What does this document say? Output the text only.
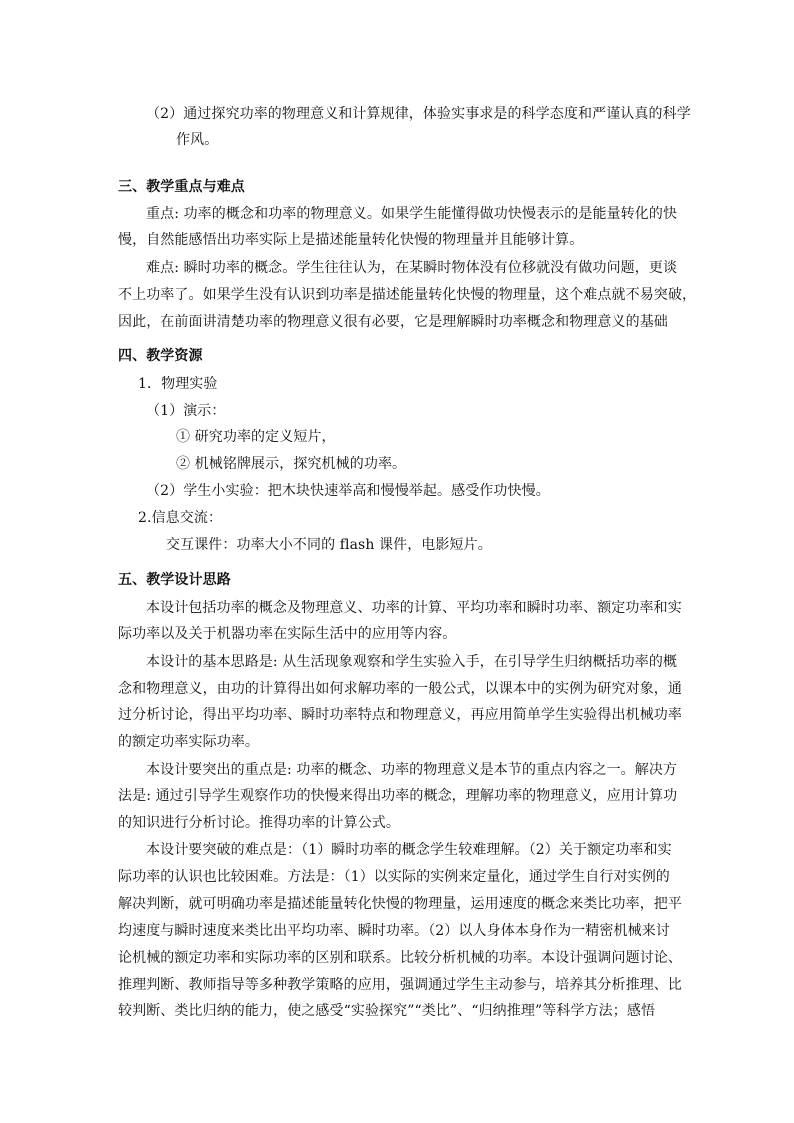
（2）通过探究功率的物理意义和计算规律，体验实事求是的科学态度和严谨认真的科学
作风。
三、教学重点与难点
重点: 功率的概念和功率的物理意义。如果学生能懂得做功快慢表示的是能量转化的快
慢，自然能感悟出功率实际上是描述能量转化快慢的物理量并且能够计算。
难点: 瞬时功率的概念。学生往往认为，在某瞬时物体没有位移就没有做功问题，更谈
不上功率了。如果学生没有认识到功率是描述能量转化快慢的物理量，这个难点就不易突破，
因此，在前面讲清楚功率的物理意义很有必要，它是理解瞬时功率概念和物理意义的基础
四、教学资源
1．物理实验
（1）演示：
① 研究功率的定义短片，
② 机械铭牌展示，探究机械的功率。
（2）学生小实验：把木块快速举高和慢慢举起。感受作功快慢。
2.信息交流：
交互课件：功率大小不同的 flash 课件，电影短片。
五、教学设计思路
本设计包括功率的概念及物理意义、功率的计算、平均功率和瞬时功率、额定功率和实
际功率以及关于机器功率在实际生活中的应用等内容。
本设计的基本思路是: 从生活现象观察和学生实验入手，在引导学生归纳概括功率的概
念和物理意义，由功的计算得出如何求解功率的一般公式，以课本中的实例为研究对象，通
过分析讨论，得出平均功率、瞬时功率特点和物理意义，再应用简单学生实验得出机械功率
的额定功率实际功率。
本设计要突出的重点是: 功率的概念、功率的物理意义是本节的重点内容之一。解决方
法是: 通过引导学生观察作功的快慢来得出功率的概念，理解功率的物理意义，应用计算功
的知识进行分析讨论。推得功率的计算公式。
本设计要突破的难点是：（1）瞬时功率的概念学生较难理解。（2）关于额定功率和实
际功率的认识也比较困难。方法是：（1）以实际的实例来定量化，通过学生自行对实例的
解决判断，就可明确功率是描述能量转化快慢的物理量，运用速度的概念来类比功率，把平
均速度与瞬时速度来类比出平均功率、瞬时功率。（2）以人身体本身作为一精密机械来讨
论机械的额定功率和实际功率的区别和联系。比较分析机械的功率。本设计强调问题讨论、
推理判断、教师指导等多种教学策略的应用，强调通过学生主动参与，培养其分析推理、比
较判断、类比归纳的能力，使之感受“实验探究”“类比”、“归纳推理”等科学方法；感悟
